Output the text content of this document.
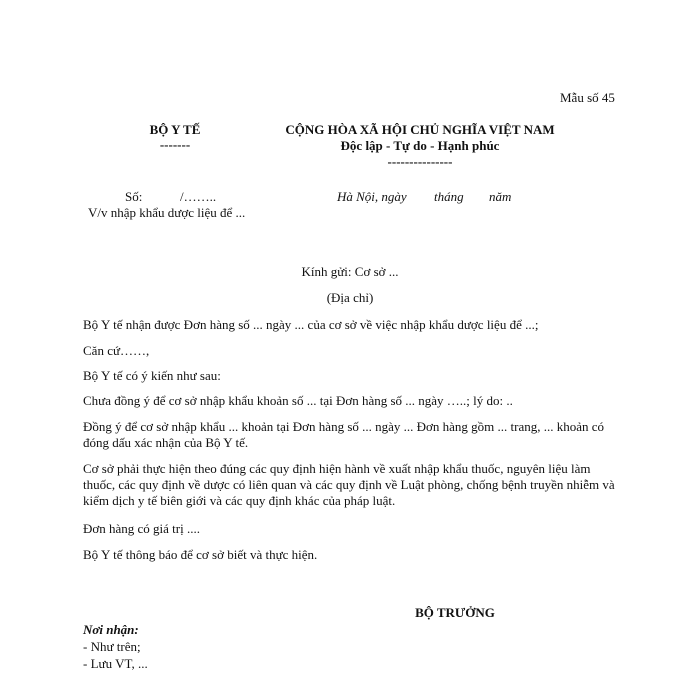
Mẫu số 45
BỘ Y TẾ
-------
CỘNG HÒA XÃ HỘI CHỦ NGHĨA VIỆT NAM
Độc lập - Tự do - Hạnh phúc
---------------
Số:	/……..
V/v nhập khẩu dược liệu để ...
Hà Nội, ngày tháng năm
Kính gửi: Cơ sở ...
(Địa chỉ)
Bộ Y tế nhận được Đơn hàng số ... ngày ... của cơ sở về việc nhập khẩu dược liệu để ...;
Căn cứ……,
Bộ Y tế có ý kiến như sau:
Chưa đồng ý để cơ sở nhập khẩu khoản số ... tại Đơn hàng số ... ngày …..; lý do: ..
Đồng ý để cơ sở nhập khẩu ... khoản tại Đơn hàng số ... ngày ... Đơn hàng gồm ... trang, ... khoản có đóng dấu xác nhận của Bộ Y tế.
Cơ sở phải thực hiện theo đúng các quy định hiện hành về xuất nhập khẩu thuốc, nguyên liệu làm thuốc, các quy định về dược có liên quan và các quy định về Luật phòng, chống bệnh truyền nhiễm và kiểm dịch y tế biên giới và các quy định khác của pháp luật.
Đơn hàng có giá trị ....
Bộ Y tế thông báo để cơ sở biết và thực hiện.
BỘ TRƯỞNG
Nơi nhận:
- Như trên;
- Lưu VT, ...
